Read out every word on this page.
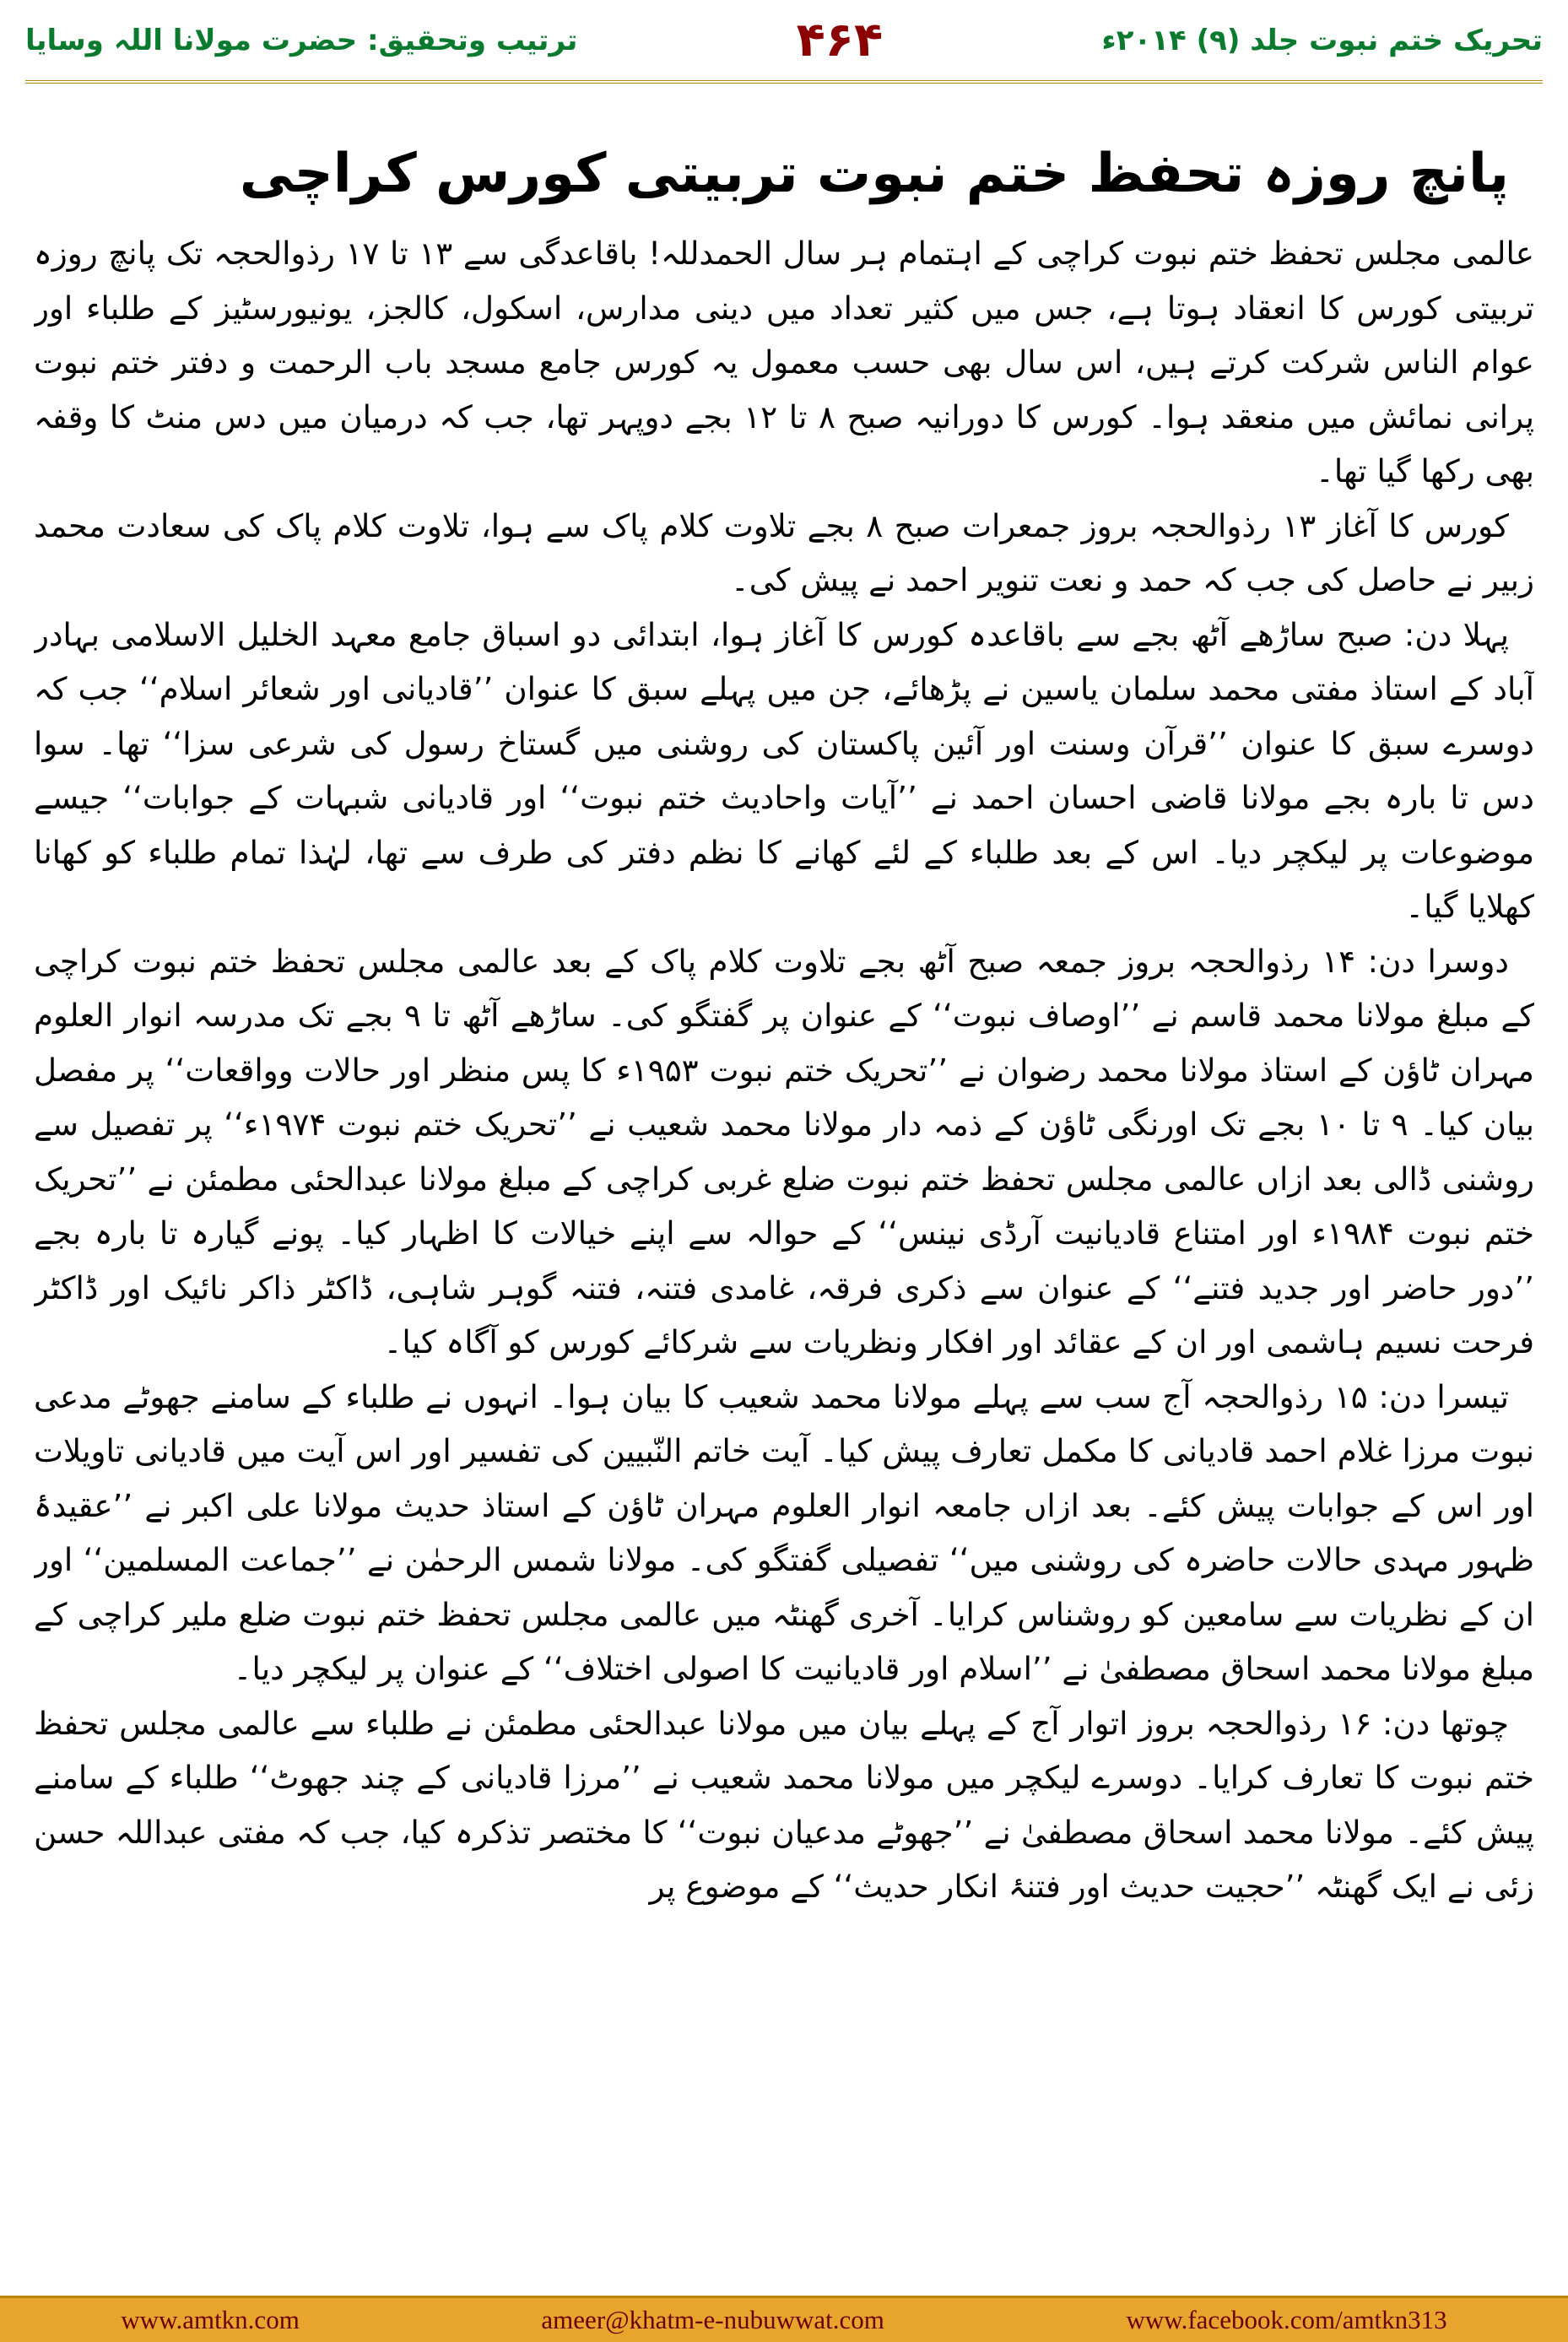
ترتیب وتحقیق: حضرت مولانا اللہ وسایا	۴۶۴	تحریک ختم نبوت جلد (۹) ۲۰۱۴ء
پانچ روزہ تحفظ ختم نبوت تربیتی کورس کراچی

عالمی مجلس تحفظ ختم نبوت کراچی کے اہتمام ہر سال الحمدللہ! باقاعدگی سے ۱۳ تا ۱۷ رذوالحجہ تک پانچ روزہ تربیتی کورس کا انعقاد ہوتا ہے، جس میں کثیر تعداد میں دینی مدارس، اسکول، کالجز، یونیورسٹیز کے طلباء اور عوام الناس شرکت کرتے ہیں، اس سال بھی حسب معمول یہ کورس جامع مسجد باب الرحمت و دفتر ختم نبوت پرانی نمائش میں منعقد ہوا۔ کورس کا دورانیہ صبح ۸ تا ۱۲ بجے دوپہر تھا، جب کہ درمیان میں دس منٹ کا وقفہ بھی رکھا گیا تھا۔

کورس کا آغاز ۱۳ رذوالحجہ بروز جمعرات صبح ۸ بجے تلاوت کلام پاک سے ہوا، تلاوت کلام پاک کی سعادت محمد زبیر نے حاصل کی جب کہ حمد و نعت تنویر احمد نے پیش کی۔

پہلا دن: صبح ساڑھے آٹھ بجے سے باقاعدہ کورس کا آغاز ہوا، ابتدائی دو اسباق جامع معہد الخلیل الاسلامی بہادر آباد کے استاذ مفتی محمد سلمان یاسین نے پڑھائے، جن میں پہلے سبق کا عنوان ’’قادیانی اور شعائر اسلام‘‘ جب کہ دوسرے سبق کا عنوان ’’قرآن وسنت اور آئین پاکستان کی روشنی میں گستاخ رسول کی شرعی سزا‘‘ تھا۔ سوا دس تا بارہ بجے مولانا قاضی احسان احمد نے ’’آیات واحادیث ختم نبوت‘‘ اور قادیانی شبہات کے جوابات‘‘ جیسے موضوعات پر لیکچر دیا۔ اس کے بعد طلباء کے لئے کھانے کا نظم دفتر کی طرف سے تھا، لہٰذا تمام طلباء کو کھانا کھلایا گیا۔

دوسرا دن: ۱۴ رذوالحجہ بروز جمعہ صبح آٹھ بجے تلاوت کلام پاک کے بعد عالمی مجلس تحفظ ختم نبوت کراچی کے مبلغ مولانا محمد قاسم نے ’’اوصاف نبوت‘‘ کے عنوان پر گفتگو کی۔ ساڑھے آٹھ تا ۹ بجے تک مدرسہ انوار العلوم مہران ٹاؤن کے استاذ مولانا محمد رضوان نے ’’تحریک ختم نبوت ۱۹۵۳ء کا پس منظر اور حالات وواقعات‘‘ پر مفصل بیان کیا۔ ۹ تا ۱۰ بجے تک اورنگی ٹاؤن کے ذمہ دار مولانا محمد شعیب نے ’’تحریک ختم نبوت ۱۹۷۴ء‘‘ پر تفصیل سے روشنی ڈالی بعد ازاں عالمی مجلس تحفظ ختم نبوت ضلع غربی کراچی کے مبلغ مولانا عبدالحئی مطمئن نے ’’تحریک ختم نبوت ۱۹۸۴ء اور امتناع قادیانیت آرڈی نینس‘‘ کے حوالہ سے اپنے خیالات کا اظہار کیا۔ پونے گیارہ تا بارہ بجے ’’دور حاضر اور جدید فتنے‘‘ کے عنوان سے ذکری فرقہ، غامدی فتنہ، فتنہ گوہر شاہی، ڈاکٹر ذاکر نائیک اور ڈاکٹر فرحت نسیم ہاشمی اور ان کے عقائد اور افکار ونظریات سے شرکائے کورس کو آگاہ کیا۔

تیسرا دن: ۱۵ رذوالحجہ آج سب سے پہلے مولانا محمد شعیب کا بیان ہوا۔ انہوں نے طلباء کے سامنے جھوٹے مدعی نبوت مرزا غلام احمد قادیانی کا مکمل تعارف پیش کیا۔ آیت خاتم النّبیین کی تفسیر اور اس آیت میں قادیانی تاویلات اور اس کے جوابات پیش کئے۔ بعد ازاں جامعہ انوار العلوم مہران ٹاؤن کے استاذ حدیث مولانا علی اکبر نے ’’عقیدۂ ظہور مہدی حالات حاضرہ کی روشنی میں‘‘ تفصیلی گفتگو کی۔ مولانا شمس الرحمٰن نے ’’جماعت المسلمین‘‘ اور ان کے نظریات سے سامعین کو روشناس کرایا۔ آخری گھنٹہ میں عالمی مجلس تحفظ ختم نبوت ضلع ملیر کراچی کے مبلغ مولانا محمد اسحاق مصطفیٰ نے ’’اسلام اور قادیانیت کا اصولی اختلاف‘‘ کے عنوان پر لیکچر دیا۔

چوتھا دن: ۱۶ رذوالحجہ بروز اتوار آج کے پہلے بیان میں مولانا عبدالحئی مطمئن نے طلباء سے عالمی مجلس تحفظ ختم نبوت کا تعارف کرایا۔ دوسرے لیکچر میں مولانا محمد شعیب نے ’’مرزا قادیانی کے چند جھوٹ‘‘ طلباء کے سامنے پیش کئے۔ مولانا محمد اسحاق مصطفیٰ نے ’’جھوٹے مدعیان نبوت‘‘ کا مختصر تذکرہ کیا، جب کہ مفتی عبداللہ حسن زئی نے ایک گھنٹہ ’’حجیت حدیث اور فتنۂ انکار حدیث‘‘ کے موضوع پر

www.amtkn.com	ameer@khatm-e-nubuwwat.com	www.facebook.com/amtkn313
